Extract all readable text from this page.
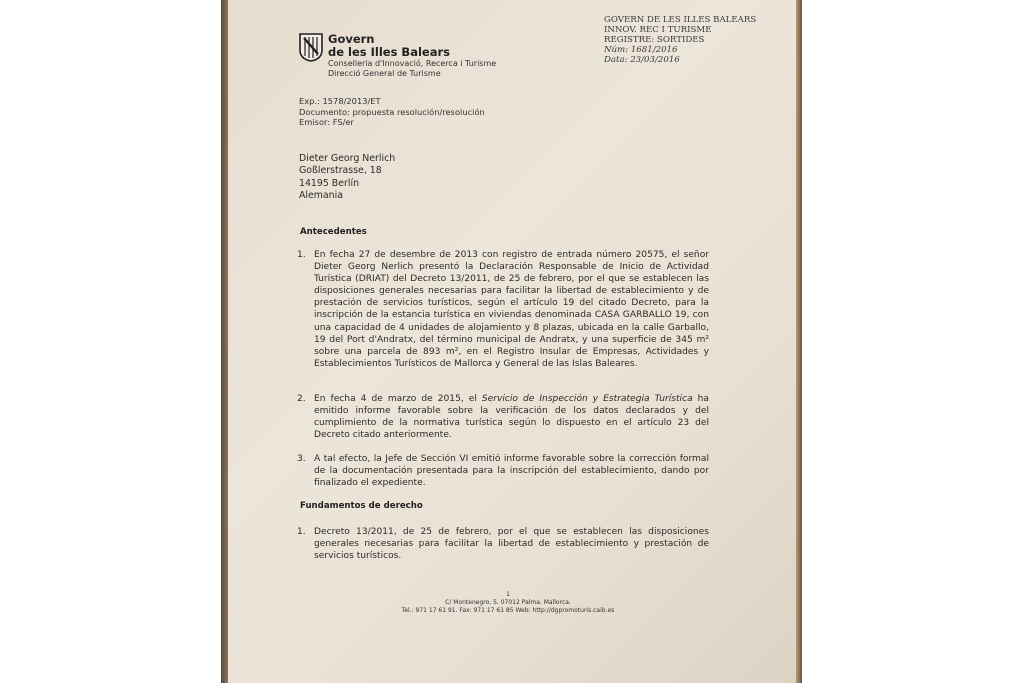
Govern
de les Illes Balears
Conselleria d'Innovació, Recerca i Turisme
Direcció General de Turisme
GOVERN DE LES ILLES BALEARS
INNOV. REC I TURISME
REGISTRE: SORTIDES
Núm: 1681/2016
Data: 23/03/2016
Exp.: 1578/2013/ET
Documento: propuesta resolución/resolución
Emisor: FS/er
Dieter Georg Nerlich
Goßlerstrasse, 18
14195 Berlín
Alemania
Antecedentes
1. En fecha 27 de desembre de 2013 con registro de entrada número 20575, el señor Dieter Georg Nerlich presentó la Declaración Responsable de Inicio de Actividad Turística (DRIAT) del Decreto 13/2011, de 25 de febrero, por el que se establecen las disposiciones generales necesarias para facilitar la libertad de establecimiento y de prestación de servicios turísticos, según el artículo 19 del citado Decreto, para la inscripción de la estancia turística en viviendas denominada CASA GARBALLO 19, con una capacidad de 4 unidades de alojamiento y 8 plazas, ubicada en la calle Garballo, 19 del Port d'Andratx, del término municipal de Andratx, y una superficie de 345 m² sobre una parcela de 893 m², en el Registro Insular de Empresas, Actividades y Establecimientos Turísticos de Mallorca y General de las Islas Baleares.
2. En fecha 4 de marzo de 2015, el Servicio de Inspección y Estrategia Turística ha emitido informe favorable sobre la verificación de los datos declarados y del cumplimiento de la normativa turística según lo dispuesto en el artículo 23 del Decreto citado anteriormente.
3. A tal efecto, la Jefe de Sección VI emitió informe favorable sobre la corrección formal de la documentación presentada para la inscripción del establecimiento, dando por finalizado el expediente.
Fundamentos de derecho
1. Decreto 13/2011, de 25 de febrero, por el que se establecen las disposiciones generales necesarias para facilitar la libertad de establecimiento y prestación de servicios turísticos.
1
C/ Montenegro, 5. 07012 Palma. Mallorca.
Tel.: 971 17 61 91. Fax: 971 17 61 85 Web: http://dgpromoturis.caib.es
